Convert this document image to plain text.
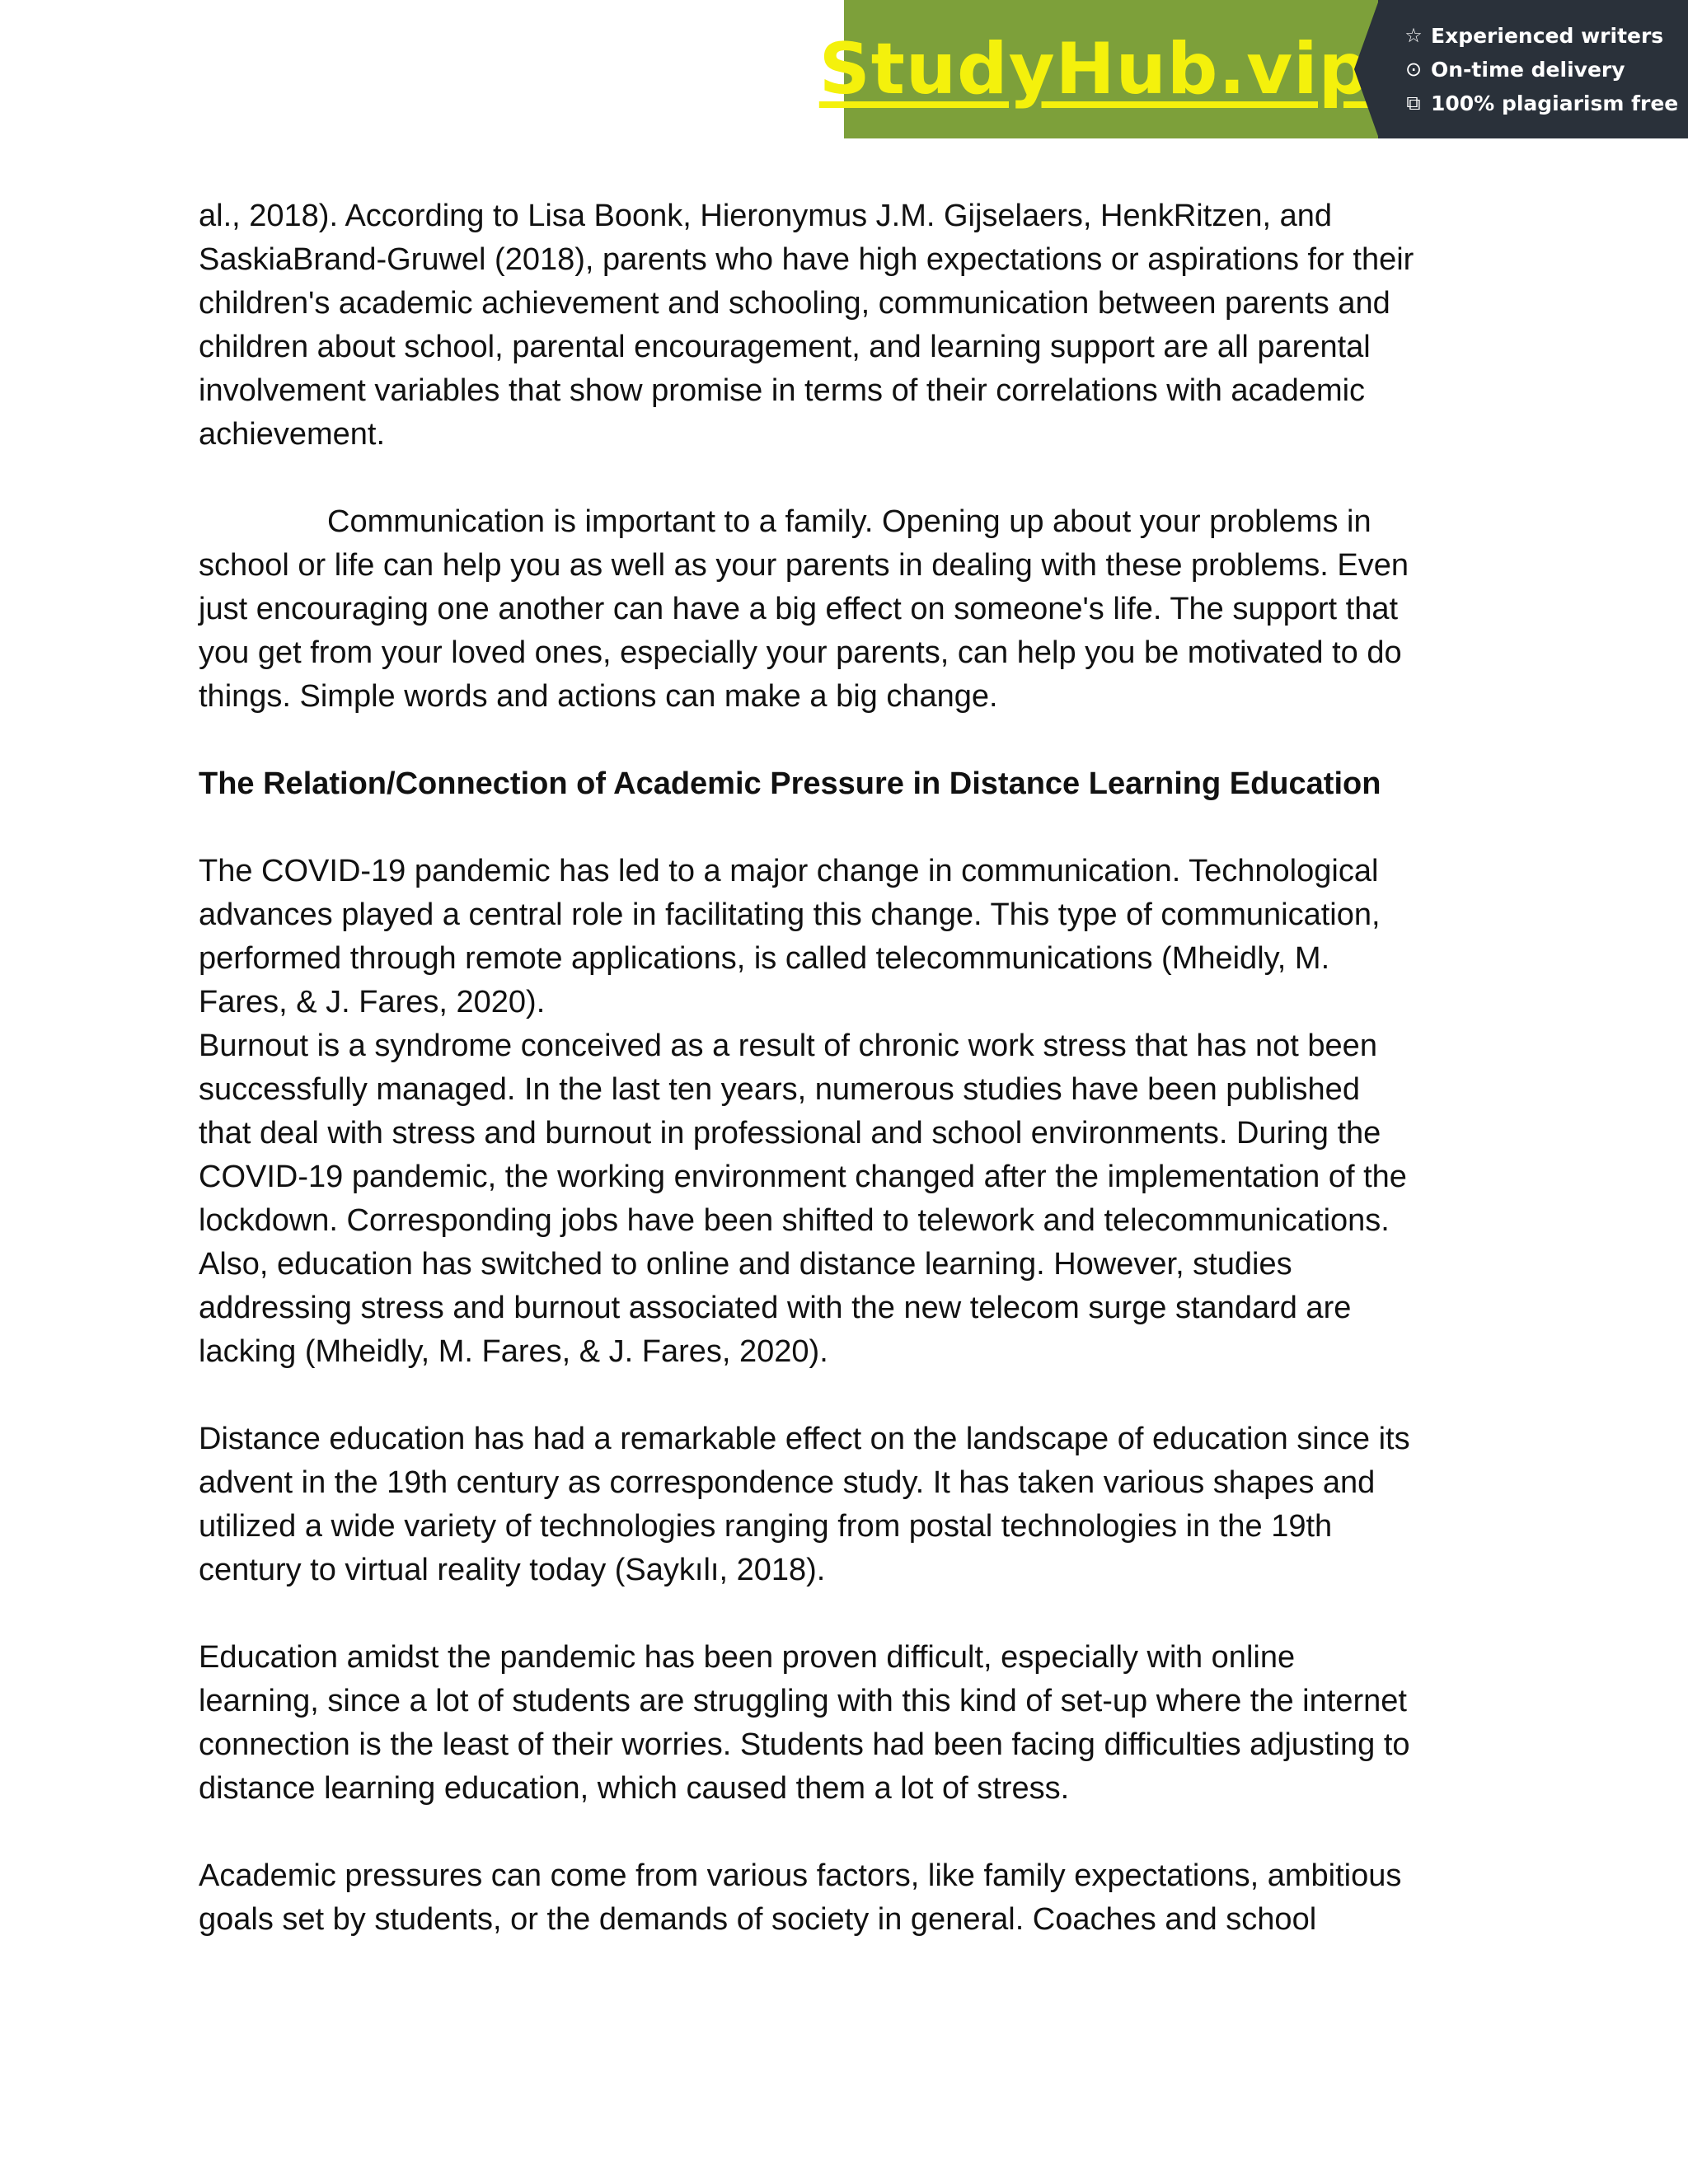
StudyHub.vip ☆ Experienced writers
⊙ On-time delivery
⧉ 100% plagiarism free

al., 2018). According to Lisa Boonk, Hieronymus J.M. Gijselaers, HenkRitzen, and
SaskiaBrand-Gruwel (2018), parents who have high expectations or aspirations for their
children's academic achievement and schooling, communication between parents and
children about school, parental encouragement, and learning support are all parental
involvement variables that show promise in terms of their correlations with academic
achievement.

Communication is important to a family. Opening up about your problems in
school or life can help you as well as your parents in dealing with these problems. Even
just encouraging one another can have a big effect on someone's life. The support that
you get from your loved ones, especially your parents, can help you be motivated to do
things. Simple words and actions can make a big change.

The Relation/Connection of Academic Pressure in Distance Learning Education

The COVID-19 pandemic has led to a major change in communication. Technological
advances played a central role in facilitating this change. This type of communication,
performed through remote applications, is called telecommunications (Mheidly, M.
Fares, & J. Fares, 2020).

Burnout is a syndrome conceived as a result of chronic work stress that has not been
successfully managed. In the last ten years, numerous studies have been published
that deal with stress and burnout in professional and school environments. During the
COVID-19 pandemic, the working environment changed after the implementation of the
lockdown. Corresponding jobs have been shifted to telework and telecommunications.
Also, education has switched to online and distance learning. However, studies
addressing stress and burnout associated with the new telecom surge standard are
lacking (Mheidly, M. Fares, & J. Fares, 2020).

Distance education has had a remarkable effect on the landscape of education since its
advent in the 19th century as correspondence study. It has taken various shapes and
utilized a wide variety of technologies ranging from postal technologies in the 19th
century to virtual reality today (Saykılı, 2018).

Education amidst the pandemic has been proven difficult, especially with online
learning, since a lot of students are struggling with this kind of set-up where the internet
connection is the least of their worries. Students had been facing difficulties adjusting to
distance learning education, which caused them a lot of stress.

Academic pressures can come from various factors, like family expectations, ambitious
goals set by students, or the demands of society in general. Coaches and school
